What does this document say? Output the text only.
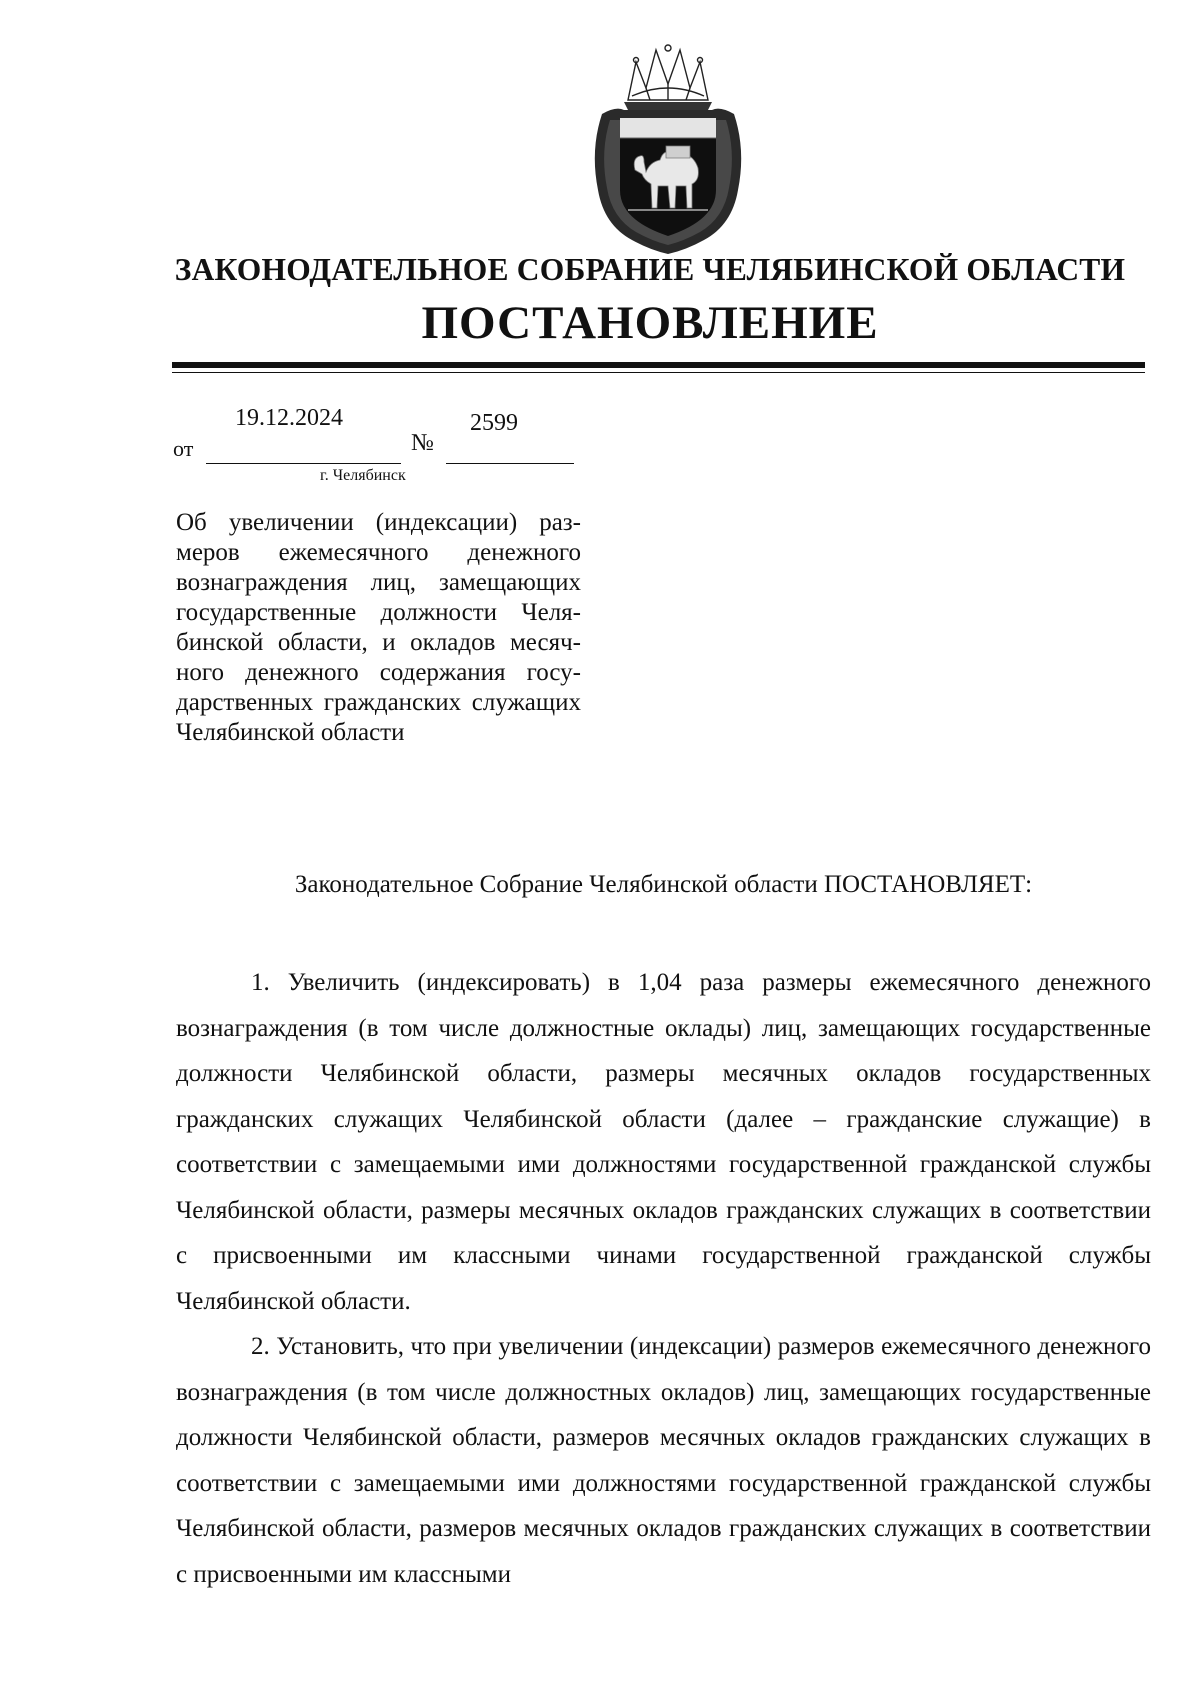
ЗАКОНОДАТЕЛЬНОЕ СОБРАНИЕ ЧЕЛЯБИНСКОЙ ОБЛАСТИ
ПОСТАНОВЛЕНИЕ
от
19.12.2024
№
2599
г. Челябинск
Об увеличении (индексации) размеров ежемесячного денежного вознаграждения лиц, замещающих государственные должности Челябинской области, и окладов месячного денежного содержания государственных гражданских служащих Челябинской области
Законодательное Собрание Челябинской области ПОСТАНОВЛЯЕТ:

1. Увеличить (индексировать) в 1,04 раза размеры ежемесячного денежного вознаграждения (в том числе должностные оклады) лиц, замещающих государственные должности Челябинской области, размеры месячных окладов государственных гражданских служащих Челябинской области (далее – гражданские служащие) в соответствии с замещаемыми ими должностями государственной гражданской службы Челябинской области, размеры месячных окладов гражданских служащих в соответствии с присвоенными им классными чинами государственной гражданской службы Челябинской области.

2. Установить, что при увеличении (индексации) размеров ежемесячного денежного вознаграждения (в том числе должностных окладов) лиц, замещающих государственные должности Челябинской области, размеров месячных окладов гражданских служащих в соответствии с замещаемыми ими должностями государственной гражданской службы Челябинской области, размеров месячных окладов гражданских служащих в соответствии с присвоенными им классными
